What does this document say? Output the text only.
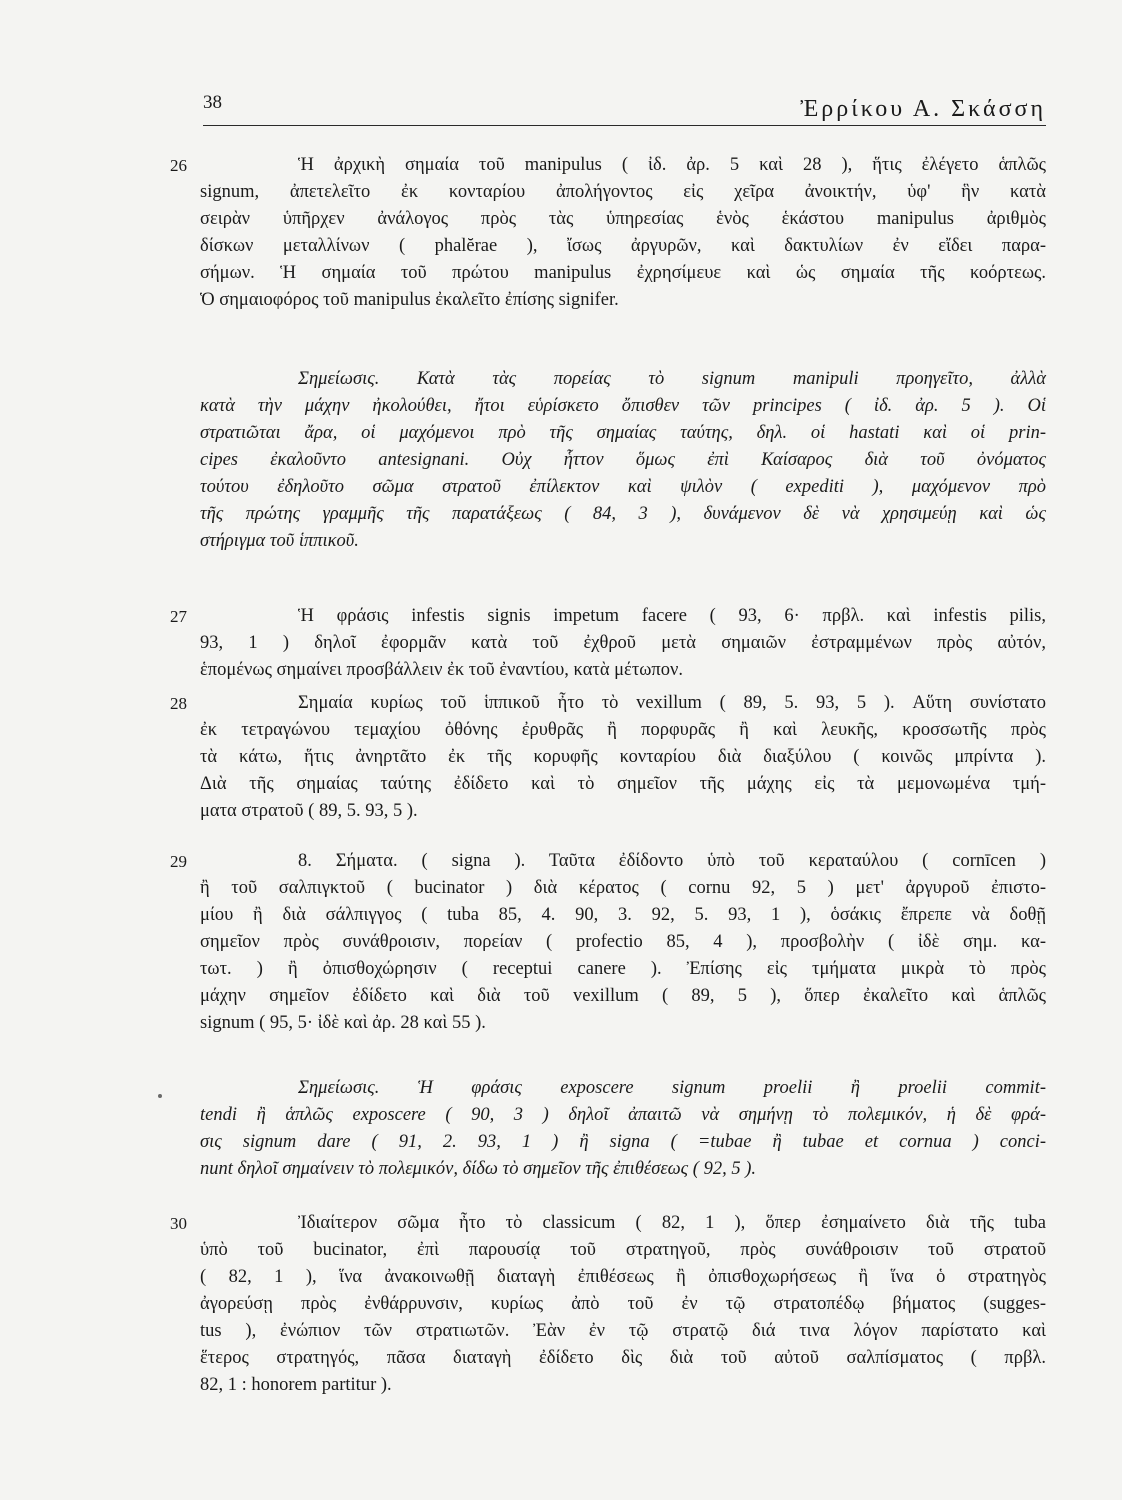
38	Ἐρρίκου Α. Σκάσση
26	Ἡ ἀρχικὴ σημαία τοῦ manipulus ( ἰδ. ἀρ. 5 καὶ 28 ), ἥτις ἐλέγετο ἁπλῶς
signum, ἀπετελεῖτο ἐκ κονταρίου ἀπολήγοντος εἰς χεῖρα ἀνοικτήν, ὑφ' ἣν κατὰ
σειρὰν ὑπῆρχεν ἀνάλογος πρὸς τὰς ὑπηρεσίας ἑνὸς ἑκάστου manipulus ἀριθμὸς
δίσκων μεταλλίνων ( phalĕrae ), ἴσως ἀργυρῶν, καὶ δακτυλίων ἐν εἴδει παρα-
σήμων. Ἡ σημαία τοῦ πρώτου manipulus ἐχρησίμευε καὶ ὡς σημαία τῆς κοόρτεως.
Ὁ σημαιοφόρος τοῦ manipulus ἐκαλεῖτο ἐπίσης signifer.
Σημείωσις. Κατὰ τὰς πορείας τὸ signum manipuli προηγεῖτο, ἀλλὰ
κατὰ τὴν μάχην ἠκολούθει, ἤτοι εὑρίσκετο ὄπισθεν τῶν principes ( ἰδ. ἀρ. 5 ). Οἱ
στρατιῶται ἄρα, οἱ μαχόμενοι πρὸ τῆς σημαίας ταύτης, δηλ. οἱ hastati καὶ οἱ prin-
cipes ἐκαλοῦντο antesignani. Οὐχ ἧττον ὅμως ἐπὶ Καίσαρος διὰ τοῦ ὀνόματος
τούτου ἐδηλοῦτο σῶμα στρατοῦ ἐπίλεκτον καὶ ψιλὸν ( expediti ), μαχόμενον πρὸ
τῆς πρώτης γραμμῆς τῆς παρατάξεως ( 84, 3 ), δυνάμενον δὲ νὰ χρησιμεύῃ καὶ ὡς
στήριγμα τοῦ ἱππικοῦ.
27	Ἡ φράσις infestis signis impetum facere ( 93, 6· πρβλ. καὶ infestis pilis,
93, 1 ) δηλοῖ ἐφορμᾶν κατὰ τοῦ ἐχθροῦ μετὰ σημαιῶν ἐστραμμένων πρὸς αὐτόν,
ἑπομένως σημαίνει προσβάλλειν ἐκ τοῦ ἐναντίου, κατὰ μέτωπον.
28	Σημαία κυρίως τοῦ ἱππικοῦ ἦτο τὸ vexillum ( 89, 5. 93, 5 ). Αὕτη συνίστατο
ἐκ τετραγώνου τεμαχίου ὀθόνης ἐρυθρᾶς ἢ πορφυρᾶς ἢ καὶ λευκῆς, κροσσωτῆς πρὸς
τὰ κάτω, ἥτις ἀνηρτᾶτο ἐκ τῆς κορυφῆς κονταρίου διὰ διαξύλου ( κοινῶς μπρίντα ).
Διὰ τῆς σημαίας ταύτης ἐδίδετο καὶ τὸ σημεῖον τῆς μάχης εἰς τὰ μεμονωμένα τμή-
ματα στρατοῦ ( 89, 5. 93, 5 ).
29	8. Σήματα. ( signa ). Ταῦτα ἐδίδοντο ὑπὸ τοῦ κεραταύλου ( cornīcen )
ἢ τοῦ σαλπιγκτοῦ ( bucinator ) διὰ κέρατος ( cornu 92, 5 ) μετ' ἀργυροῦ ἐπιστο-
μίου ἢ διὰ σάλπιγγος ( tuba 85, 4. 90, 3. 92, 5. 93, 1 ), ὁσάκις ἔπρεπε νὰ δοθῇ
σημεῖον πρὸς συνάθροισιν, πορείαν ( profectio 85, 4 ), προσβολὴν ( ἰδὲ σημ. κα-
τωτ. ) ἢ ὀπισθοχώρησιν ( receptui canere ). Ἐπίσης εἰς τμήματα μικρὰ τὸ πρὸς
μάχην σημεῖον ἐδίδετο καὶ διὰ τοῦ vexillum ( 89, 5 ), ὅπερ ἐκαλεῖτο καὶ ἁπλῶς
signum ( 95, 5· ἰδὲ καὶ ἀρ. 28 καὶ 55 ).
Σημείωσις. Ἡ φράσις exposcere signum proelii ἢ proelii commit-
tendi ἢ ἁπλῶς exposcere ( 90, 3 ) δηλοῖ ἀπαιτῶ νὰ σημήνῃ τὸ πολεμικόν, ἡ δὲ φρά-
σις signum dare ( 91, 2. 93, 1 ) ἢ signa ( =tubae ἢ tubae et cornua ) conci-
nunt δηλοῖ σημαίνειν τὸ πολεμικόν, δίδω τὸ σημεῖον τῆς ἐπιθέσεως ( 92, 5 ).
30	Ἰδιαίτερον σῶμα ἦτο τὸ classicum ( 82, 1 ), ὅπερ ἐσημαίνετο διὰ τῆς tuba
ὑπὸ τοῦ bucinator, ἐπὶ παρουσίᾳ τοῦ στρατηγοῦ, πρὸς συνάθροισιν τοῦ στρατοῦ
( 82, 1 ), ἵνα ἀνακοινωθῇ διαταγὴ ἐπιθέσεως ἢ ὀπισθοχωρήσεως ἢ ἵνα ὁ στρατηγὸς
ἀγορεύσῃ πρὸς ἐνθάρρυνσιν, κυρίως ἀπὸ τοῦ ἐν τῷ στρατοπέδῳ βήματος (sugges-
tus ), ἐνώπιον τῶν στρατιωτῶν. Ἐὰν ἐν τῷ στρατῷ διά τινα λόγον παρίστατο καὶ
ἕτερος στρατηγός, πᾶσα διαταγὴ ἐδίδετο δὶς διὰ τοῦ αὐτοῦ σαλπίσματος ( πρβλ.
82, 1 : honorem partitur ).
